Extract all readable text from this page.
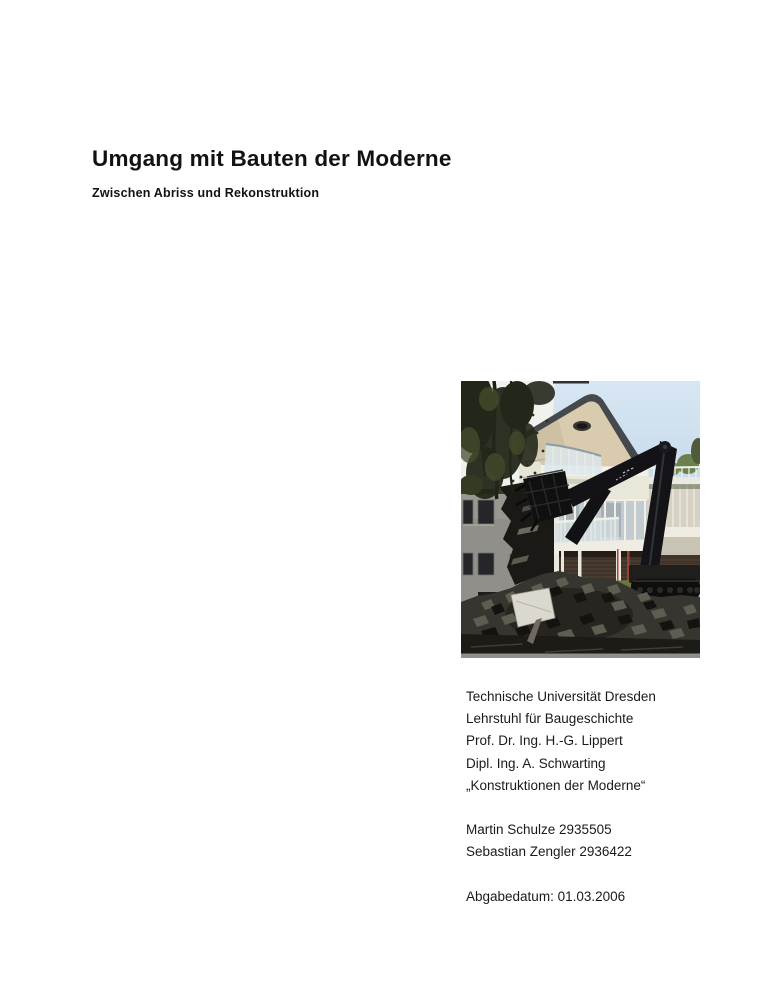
Umgang mit Bauten der Moderne
Zwischen Abriss und Rekonstruktion
Technische Universität Dresden
Lehrstuhl für Baugeschichte
Prof. Dr. Ing. H.-G. Lippert
Dipl. Ing. A. Schwarting
„Konstruktionen der Moderne“
Martin Schulze 2935505
Sebastian Zengler 2936422
Abgabedatum: 01.03.2006
